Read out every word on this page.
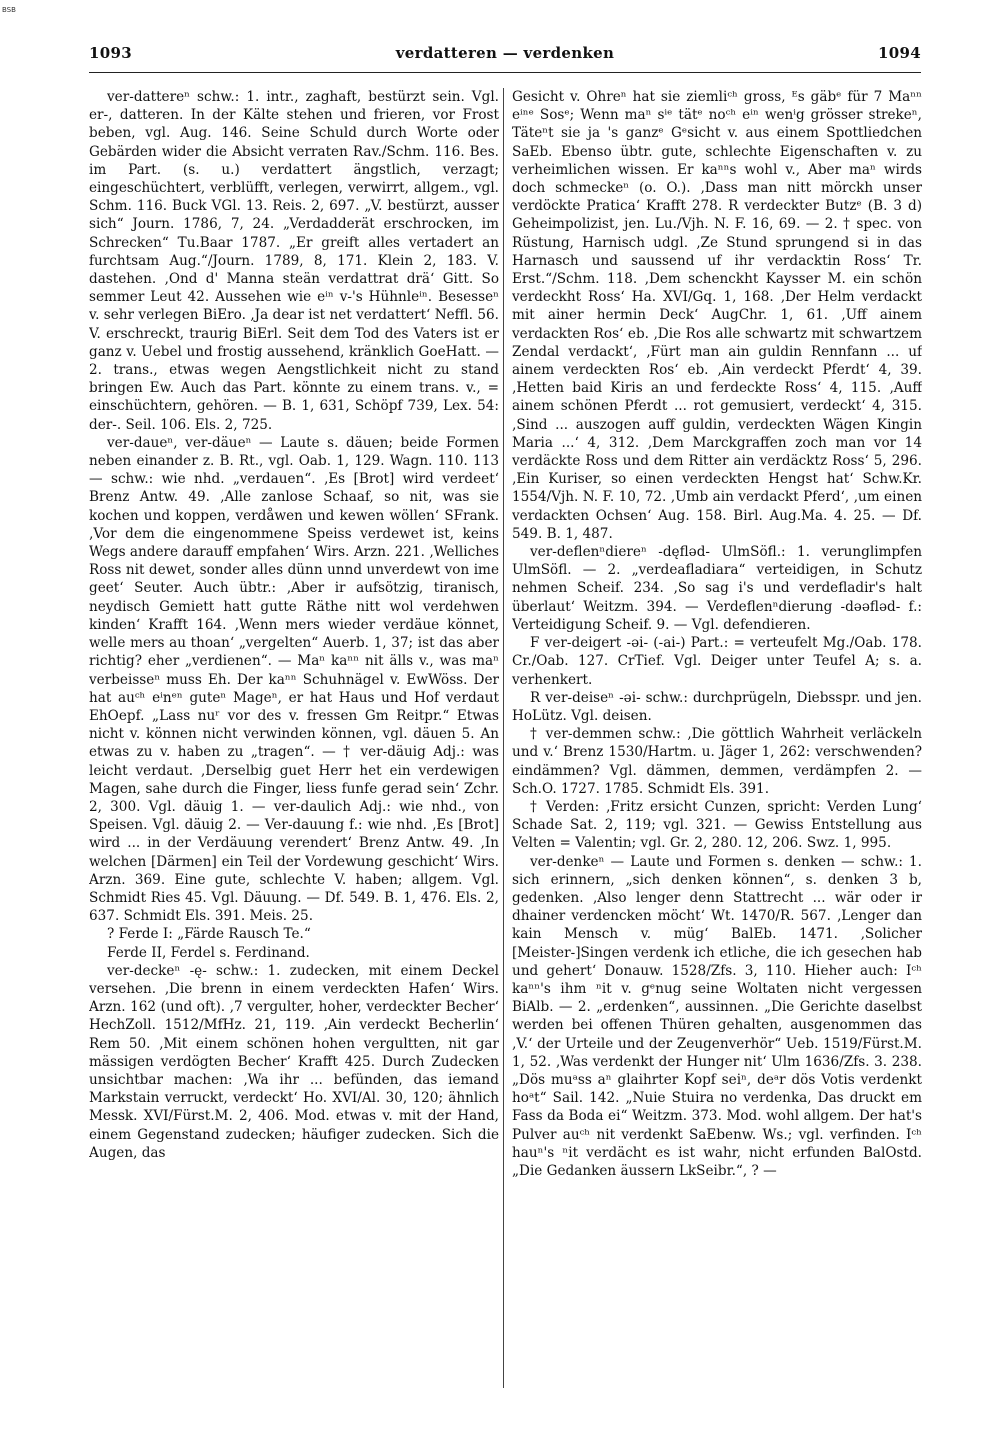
BSB
1093	verdatteren — verdenken	1094

ver-dattereⁿ schw.: 1. intr., zaghaft, bestürzt sein. Vgl. er-, datteren. In der Kälte stehen und frieren, vor Frost beben, vgl. Aug. 146. Seine Schuld durch Worte oder Gebärden wider die Absicht verraten Rav./Schm. 116. Bes. im Part. (s. u.) verdattert ängstlich, verzagt; eingeschüchtert, verblüfft, verlegen, verwirrt, allgem., vgl. Schm. 116. Buck VGl. 13. Reis. 2, 697. „V. bestürzt, ausser sich“ Journ. 1786, 7, 24. „Verdadderät erschrocken, im Schrecken“ Tu.Baar 1787. „Er greift alles vertadert an furchtsam Aug.“/Journ. 1789, 8, 171. Klein 2, 183. V. dastehen. ‚Ond d' Manna steän verdattrat drä‘ Gitt. So semmer Leut 42. Aussehen wie eⁱⁿ v-'s Hühnleⁱⁿ. Besesseⁿ v. sehr verlegen BiEro. ‚Ja dear ist net verdattert‘ Neffl. 56. V. erschreckt, traurig BiErl. Seit dem Tod des Vaters ist er ganz v. Uebel und frostig aussehend, kränklich GoeHatt. — 2. trans., etwas wegen Aengstlichkeit nicht zu stand bringen Ew. Auch das Part. könnte zu einem trans. v., = einschüchtern, gehören. — B. 1, 631, Schöpf 739, Lex. 54: der-. Seil. 106. Els. 2, 725.

ver-daueⁿ, ver-däueⁿ — Laute s. däuen; beide Formen neben einander z. B. Rt., vgl. Oab. 1, 129. Wagn. 110. 113 — schw.: wie nhd. „verdauen“. ‚Es [Brot] wird verdeet‘ Brenz Antw. 49. ‚Alle zanlose Schaaf, so nit, was sie kochen und koppen, verdåwen und kewen wöllen‘ SFrank. ‚Vor dem die eingenommene Speiss verdewet ist, keins Wegs andere darauff empfahen‘ Wirs. Arzn. 221. ‚Welliches Ross nit dewet, sonder alles dünn unnd unverdewt von ime geet‘ Seuter. Auch übtr.: ‚Aber ir aufsötzig, tiranisch, neydisch Gemiett hatt gutte Räthe nitt wol verdehwen kinden‘ Krafft 164. ‚Wenn mers wieder verdäue könnet, welle mers au thoan‘ „vergelten“ Auerb. 1, 37; ist das aber richtig? eher „verdienen“. — Maⁿ kaⁿⁿ nit älls v., was maⁿ verbeisseⁿ muss Eh. Der kaⁿⁿ Schuhnägel v. EwWöss. Der hat auᶜʰ eⁱnᵉⁿ guteⁿ Mageⁿ, er hat Haus und Hof verdaut EhOepf. „Lass nuʳ vor des v. fressen Gm Reitpr.“ Etwas nicht v. können nicht verwinden können, vgl. däuen 5. An etwas zu v. haben zu „tragen“. — † ver-däuig Adj.: was leicht verdaut. ‚Derselbig guet Herr het ein verdewigen Magen, sahe durch die Finger, liess funfe gerad sein‘ Zchr. 2, 300. Vgl. däuig 1. — ver-daulich Adj.: wie nhd., von Speisen. Vgl. däuig 2. — Ver-dauung f.: wie nhd. ‚Es [Brot] wird ... in der Verdäuung verendert‘ Brenz Antw. 49. ‚In welchen [Därmen] ein Teil der Vordewung geschicht‘ Wirs. Arzn. 369. Eine gute, schlechte V. haben; allgem. Vgl. Schmidt Ries 45. Vgl. Däuung. — Df. 549. B. 1, 476. Els. 2, 637. Schmidt Els. 391. Meis. 25.

? Ferde I: „Färde Rausch Te.“

Ferde II, Ferdel s. Ferdinand.

ver-deckeⁿ -ę- schw.: 1. zudecken, mit einem Deckel versehen. ‚Die brenn in einem verdeckten Hafen‘ Wirs. Arzn. 162 (und oft). ‚7 vergulter, hoher, verdeckter Becher‘ HechZoll. 1512/MfHz. 21, 119. ‚Ain verdeckt Becherlin‘ Rem 50. ‚Mit einem schönen hohen vergultten, nit gar mässigen verdögten Becher‘ Krafft 425. Durch Zudecken unsichtbar machen: ‚Wa ihr ... befünden, das iemand Markstain verruckt, verdeckt‘ Ho. XVI/Al. 30, 120; ähnlich Messk. XVI/Fürst.M. 2, 406. Mod. etwas v. mit der Hand, einem Gegenstand zudecken; häufiger zudecken. Sich die Augen, das

Gesicht v. Ohreⁿ hat sie ziemliᶜʰ gross, ᴱs gäbᵉ für 7 Maⁿⁿ eⁱⁿᵉ Sosᵉ; Wenn maⁿ sⁱᵉ tätᵉ noᶜʰ eⁱⁿ wenⁱg grösser strekeⁿ, Täteⁿt sie ja 's ganzᵉ Gᵉsicht v. aus einem Spottliedchen SaEb. Ebenso übtr. gute, schlechte Eigenschaften v. zu verheimlichen wissen. Er kaⁿⁿs wohl v., Aber maⁿ wirds doch schmeckeⁿ (o. O.). ‚Dass man nitt mörckh unser verdöckte Pratica‘ Krafft 278. R verdeckter Butzᵉ (B. 3 d) Geheimpolizist, jen. Lu./Vjh. N. F. 16, 69. — 2. † spec. von Rüstung, Harnisch udgl. ‚Ze Stund sprungend si in das Harnasch und saussend uf ihr verdacktin Ross‘ Tr. Erst.“/Schm. 118. ‚Dem schenckht Kaysser M. ein schön verdeckht Ross‘ Ha. XVI/Gq. 1, 168. ‚Der Helm verdackt mit ainer hermin Deck‘ AugChr. 1, 61. ‚Uff ainem verdackten Ros‘ eb. ‚Die Ros alle schwartz mit schwartzem Zendal verdackt‘, ‚Fürt man ain guldin Rennfann ... uf ainem verdeckten Ros‘ eb. ‚Ain verdeckt Pferdt‘ 4, 39. ‚Hetten baid Kiris an und ferdeckte Ross‘ 4, 115. ‚Auff ainem schönen Pferdt ... rot gemusiert, verdeckt‘ 4, 315. ‚Sind ... auszogen auff guldin, verdeckten Wägen Kingin Maria ...‘ 4, 312. ‚Dem Marckgraffen zoch man vor 14 verdäckte Ross und dem Ritter ain verdäcktz Ross‘ 5, 296. ‚Ein Kuriser, so einen verdeckten Hengst hat‘ Schw.Kr. 1554/Vjh. N. F. 10, 72. ‚Umb ain verdackt Pferd‘, ‚um einen verdackten Ochsen‘ Aug. 158. Birl. Aug.Ma. 4. 25. — Df. 549. B. 1, 487.

ver-deflenⁿdiereⁿ -dęflǝd- UlmSöfl.: 1. verunglimpfen UlmSöfl. — 2. „verdeafladiara“ verteidigen, in Schutz nehmen Scheif. 234. ‚So sag i's und verdefladir's halt überlaut‘ Weitzm. 394. — Verdeflenⁿdierung -dǝǝflǝd- f.: Verteidigung Scheif. 9. — Vgl. defendieren.

F ver-deigert -ǝi- (-ai-) Part.: = verteufelt Mg./Oab. 178. Cr./Oab. 127. CrTief. Vgl. Deiger unter Teufel A; s. a. verhenkert.

R ver-deiseⁿ -ǝi- schw.: durchprügeln, Diebsspr. und jen. HoLütz. Vgl. deisen.

† ver-demmen schw.: ‚Die göttlich Wahrheit verläckeln und v.‘ Brenz 1530/Hartm. u. Jäger 1, 262: verschwenden? eindämmen? Vgl. dämmen, demmen, verdämpfen 2. — Sch.O. 1727. 1785. Schmidt Els. 391.

† Verden: ‚Fritz ersicht Cunzen, spricht: Verden Lung‘ Schade Sat. 2, 119; vgl. 321. — Gewiss Entstellung aus Velten = Valentin; vgl. Gr. 2, 280. 12, 206. Swz. 1, 995.

ver-denkeⁿ — Laute und Formen s. denken — schw.: 1. sich erinnern, „sich denken können“, s. denken 3 b, gedenken. ‚Also lenger denn Stattrecht ... wär oder ir dhainer verdencken möcht‘ Wt. 1470/R. 567. ‚Lenger dan kain Mensch v. müg‘ BalEb. 1471. ‚Solicher [Meister-]Singen verdenk ich etliche, die ich gesechen hab und gehert‘ Donauw. 1528/Zfs. 3, 110. Hieher auch: Iᶜʰ kaⁿⁿ's ihm ⁿit v. gᵉnug seine Woltaten nicht vergessen BiAlb. — 2. „erdenken“, aussinnen. „Die Gerichte daselbst werden bei offenen Thüren gehalten, ausgenommen das ‚V.‘ der Urteile und der Zeugenverhör“ Ueb. 1519/Fürst.M. 1, 52. ‚Was verdenkt der Hunger nit‘ Ulm 1636/Zfs. 3. 238. „Dös muᵃss aⁿ glaihrter Kopf seiⁿ, deᵃr dös Votis verdenkt hoᵃt“ Sail. 142. „Nuie Stuira no verdenka, Das druckt em Fass da Boda ei“ Weitzm. 373. Mod. wohl allgem. Der hat's Pulver auᶜʰ nit verdenkt SaEbenw. Ws.; vgl. verfinden. Iᶜʰ hauⁿ's ⁿit verdächt es ist wahr, nicht erfunden BalOstd. „Die Gedanken äussern LkSeibr.“, ? —
